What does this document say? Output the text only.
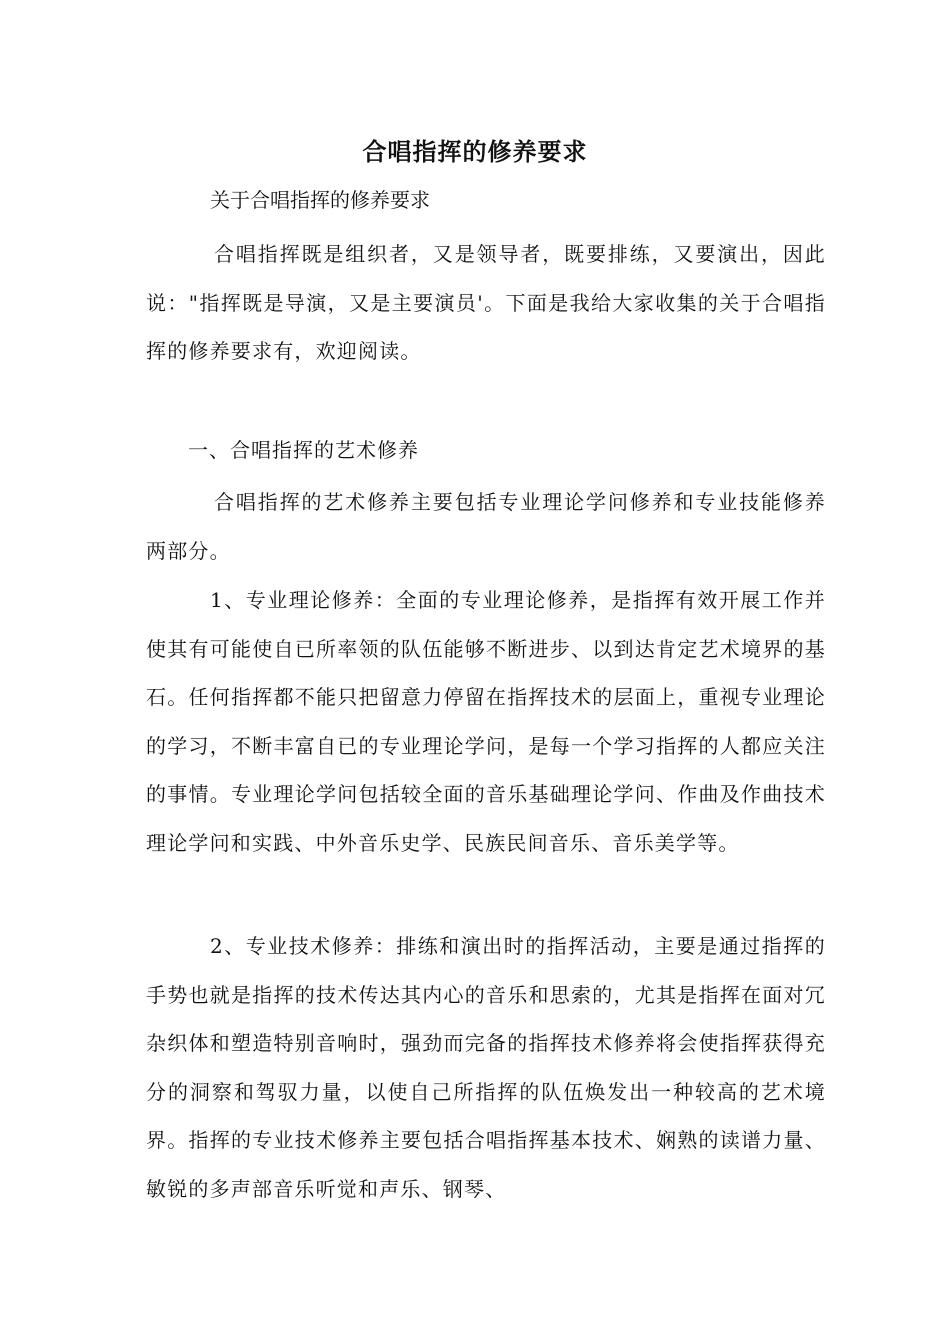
合唱指挥的修养要求
关于合唱指挥的修养要求

合唱指挥既是组织者，又是领导者，既要排练，又要演出，因此说："指挥既是导演，又是主要演员'。下面是我给大家收集的关于合唱指挥的修养要求有，欢迎阅读。

一、合唱指挥的艺术修养

合唱指挥的艺术修养主要包括专业理论学问修养和专业技能修养两部分。

1、专业理论修养：全面的专业理论修养，是指挥有效开展工作并使其有可能使自已所率领的队伍能够不断进步、以到达肯定艺术境界的基石。任何指挥都不能只把留意力停留在指挥技术的层面上，重视专业理论的学习，不断丰富自已的专业理论学问，是每一个学习指挥的人都应关注的事情。专业理论学问包括较全面的音乐基础理论学问、作曲及作曲技术理论学问和实践、中外音乐史学、民族民间音乐、音乐美学等。

2、专业技术修养：排练和演出时的指挥活动，主要是通过指挥的手势也就是指挥的技术传达其内心的音乐和思索的，尤其是指挥在面对冗杂织体和塑造特别音响时，强劲而完备的指挥技术修养将会使指挥获得充分的洞察和驾驭力量，以使自己所指挥的队伍焕发出一种较高的艺术境界。指挥的专业技术修养主要包括合唱指挥基本技术、娴熟的读谱力量、敏锐的多声部音乐听觉和声乐、钢琴、
